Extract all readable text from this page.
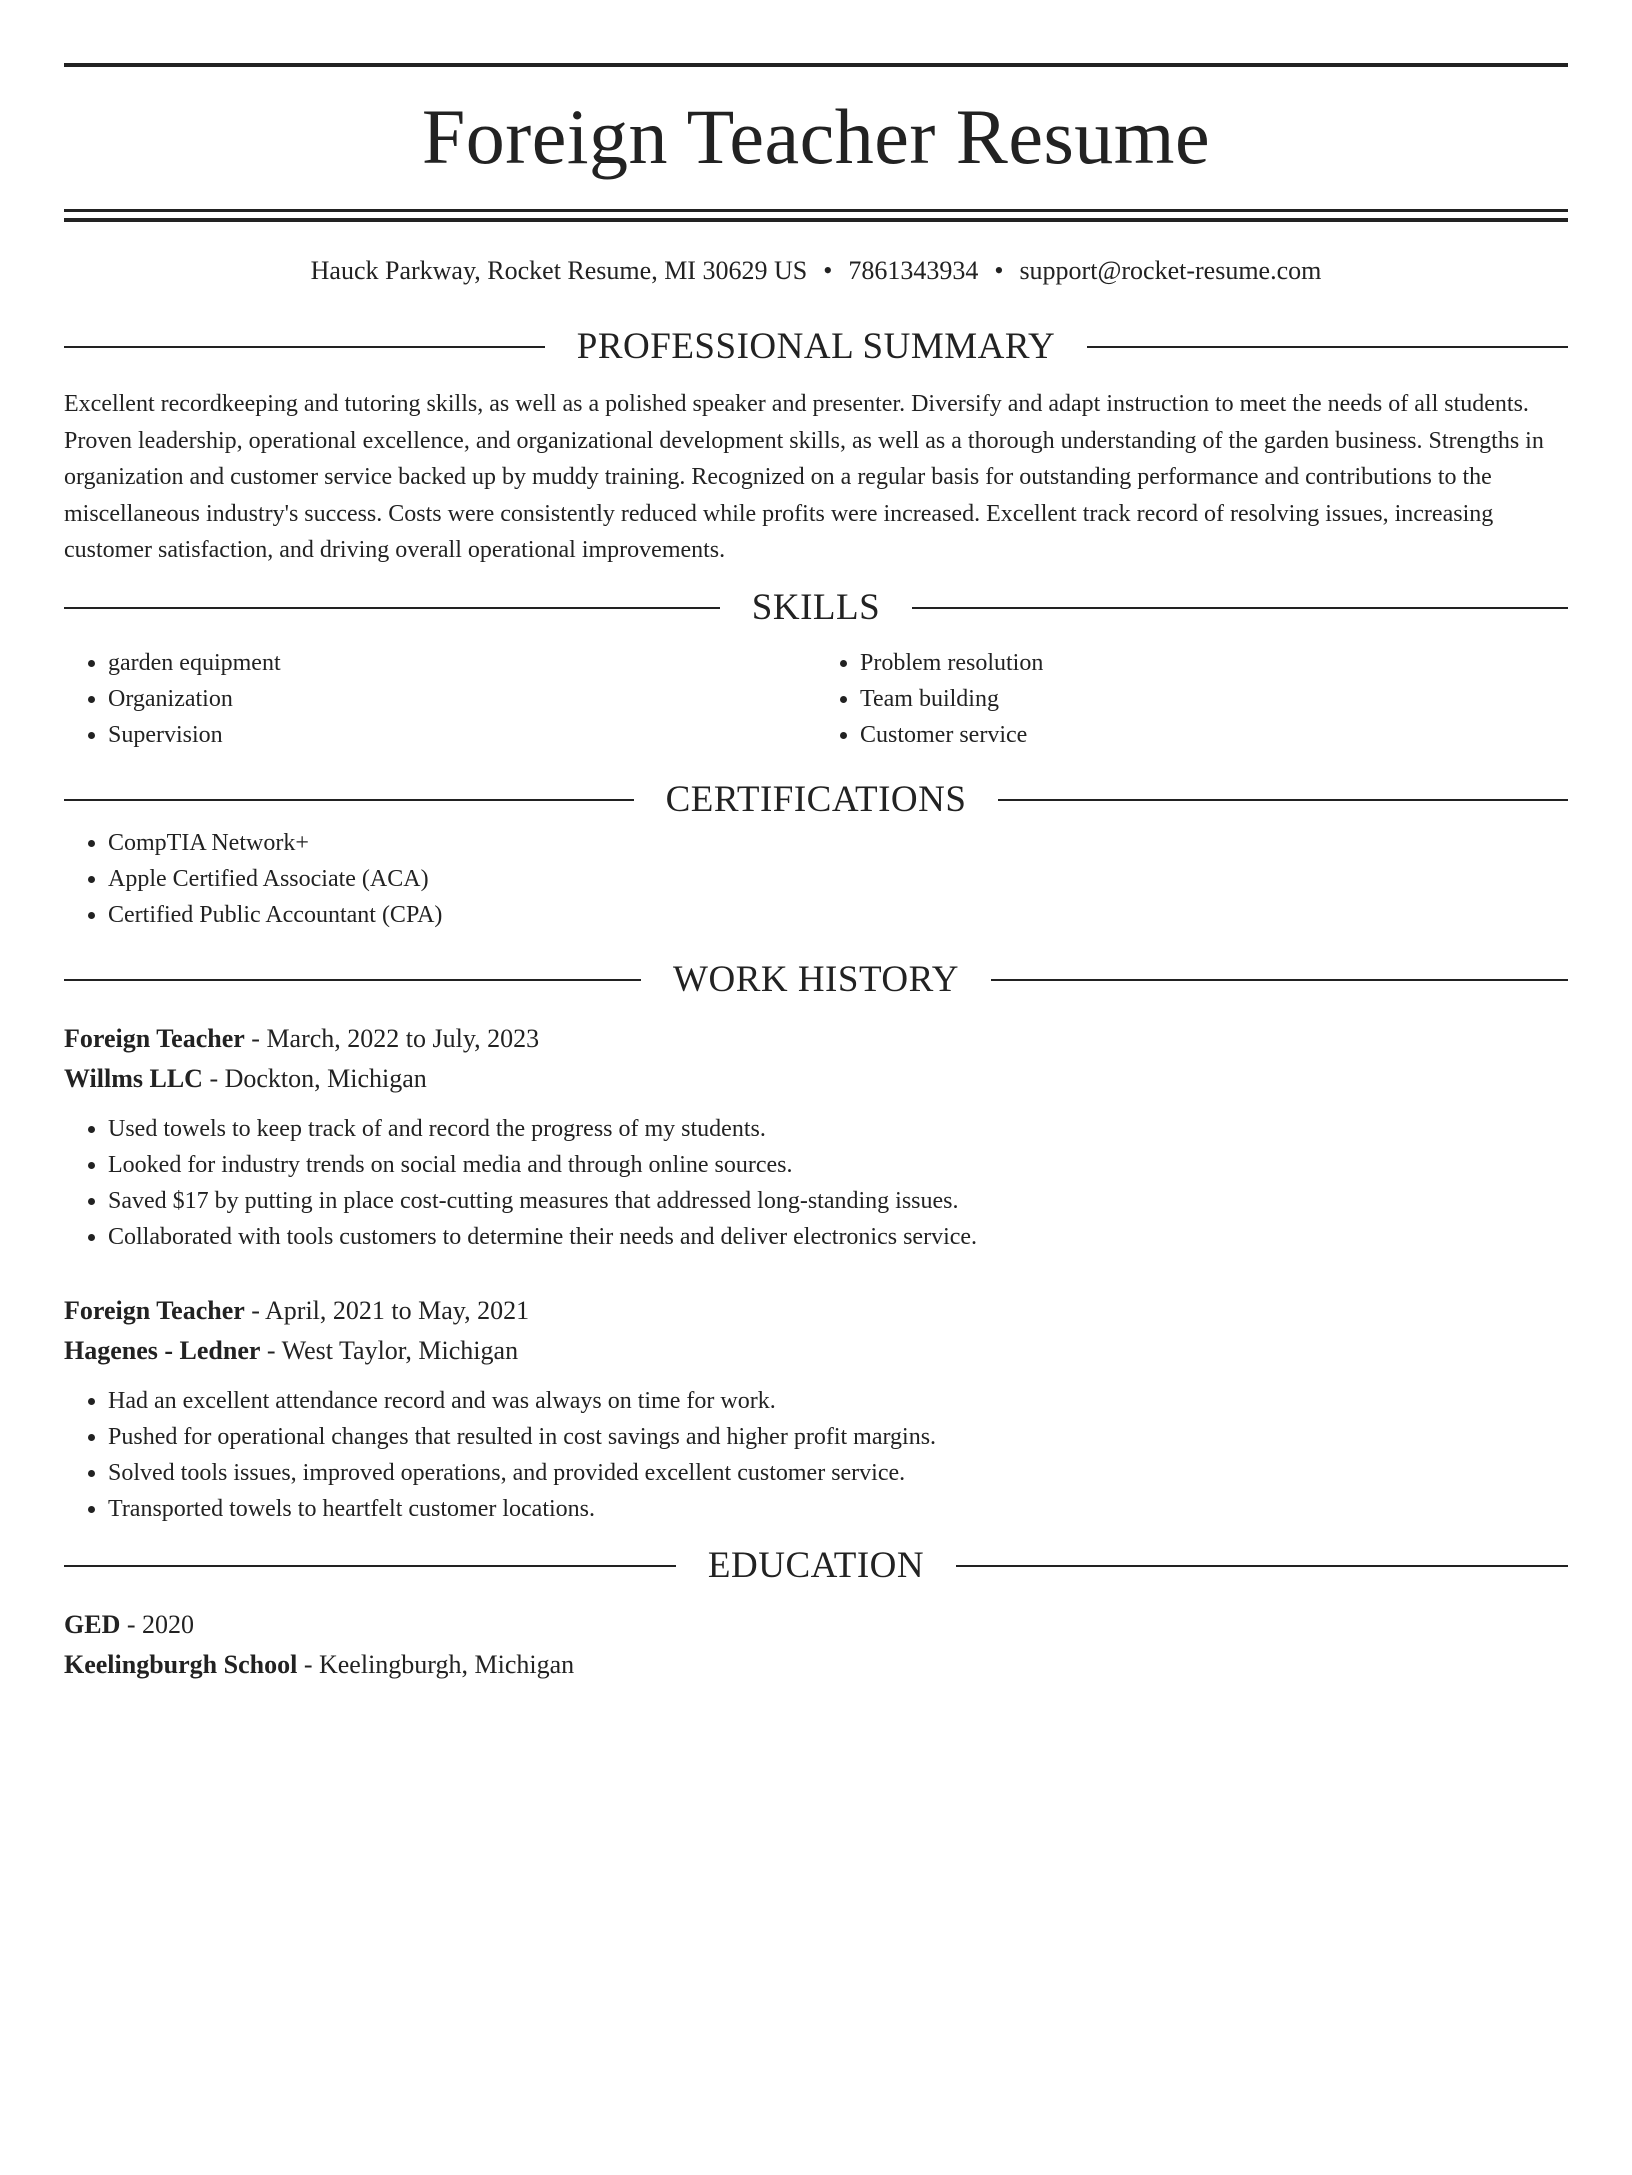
Foreign Teacher Resume
Hauck Parkway, Rocket Resume, MI 30629 US • 7861343934 • support@rocket-resume.com
PROFESSIONAL SUMMARY

Excellent recordkeeping and tutoring skills, as well as a polished speaker and presenter. Diversify and adapt instruction to meet the needs of all students. Proven leadership, operational excellence, and organizational development skills, as well as a thorough understanding of the garden business. Strengths in organization and customer service backed up by muddy training. Recognized on a regular basis for outstanding performance and contributions to the miscellaneous industry's success. Costs were consistently reduced while profits were increased. Excellent track record of resolving issues, increasing customer satisfaction, and driving overall operational improvements.

SKILLS
• garden equipment
• Organization
• Supervision
• Problem resolution
• Team building
• Customer service
CERTIFICATIONS
• CompTIA Network+
• Apple Certified Associate (ACA)
• Certified Public Accountant (CPA)
WORK HISTORY
Foreign Teacher - March, 2022 to July, 2023
Willms LLC - Dockton, Michigan
• Used towels to keep track of and record the progress of my students.
• Looked for industry trends on social media and through online sources.
• Saved $17 by putting in place cost-cutting measures that addressed long-standing issues.
• Collaborated with tools customers to determine their needs and deliver electronics service.
Foreign Teacher - April, 2021 to May, 2021
Hagenes - Ledner - West Taylor, Michigan
• Had an excellent attendance record and was always on time for work.
• Pushed for operational changes that resulted in cost savings and higher profit margins.
• Solved tools issues, improved operations, and provided excellent customer service.
• Transported towels to heartfelt customer locations.
EDUCATION
GED - 2020
Keelingburgh School - Keelingburgh, Michigan
